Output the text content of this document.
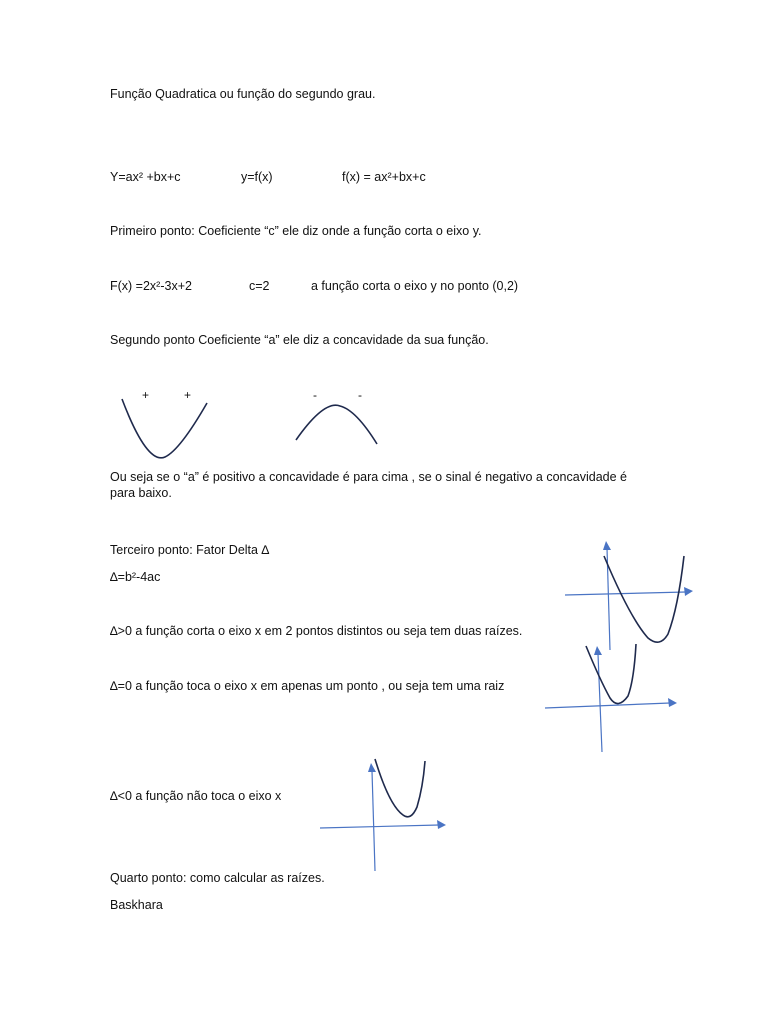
Função Quadratica ou função do segundo grau.
Y=ax² +bx+c	y=f(x)	f(x) = ax²+bx+c
Primeiro ponto: Coeficiente “c” ele diz onde a função corta o eixo y.
F(x) =2x²-3x+2	c=2	a função corta o eixo y no ponto (0,2)
Segundo ponto Coeficiente “a” ele diz a concavidade da sua função.
+	+	-	-
Ou seja se o “a” é positivo a concavidade é para cima , se o sinal é negativo a concavidade é para baixo.
Terceiro ponto: Fator Delta ∆
∆=b²-4ac
∆>0 a função corta o eixo x em 2 pontos distintos ou seja tem duas raízes.
∆=0 a função toca o eixo x em apenas um ponto , ou seja tem uma raiz
∆<0 a função não toca o eixo x
Quarto ponto: como calcular as raízes.
Baskhara
